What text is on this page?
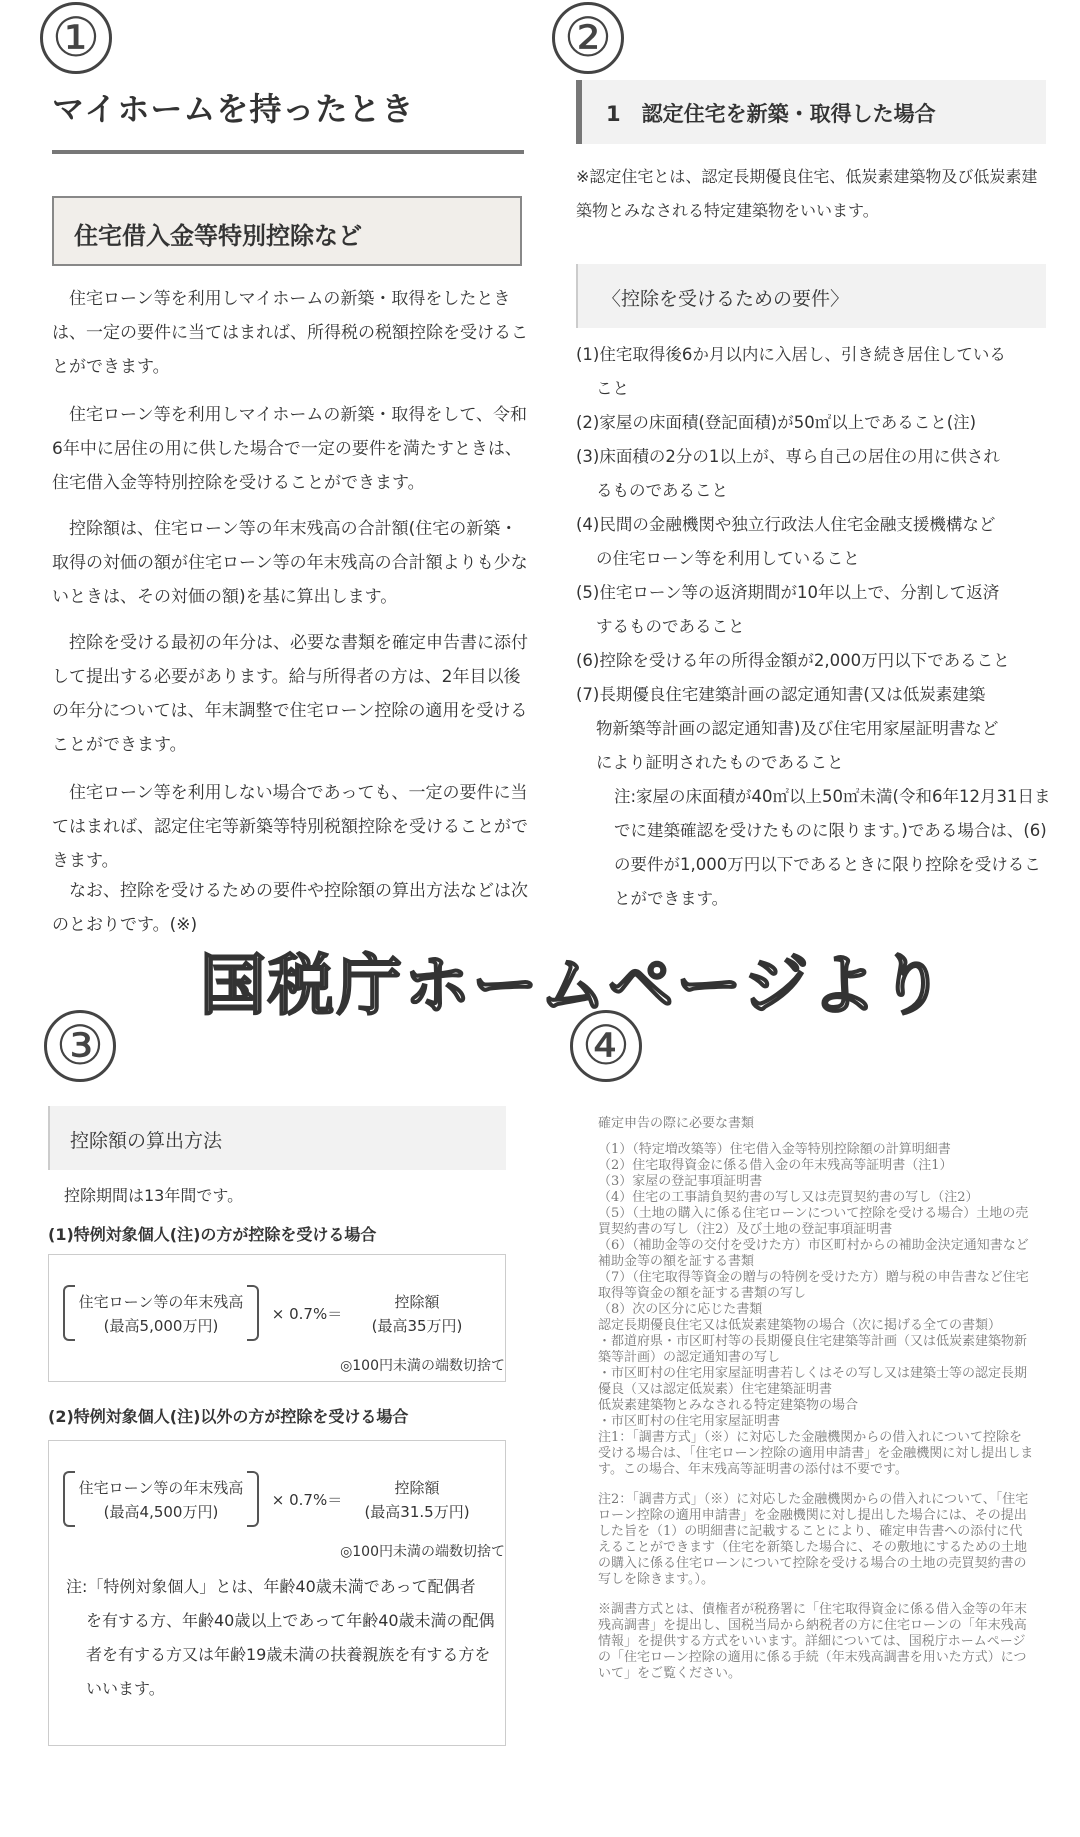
①	②
③	④
マイホームを持ったとき
住宅借入金等特別控除など
　住宅ローン等を利用しマイホームの新築・取得をしたときは、一定の要件に当てはまれば、所得税の税額控除を受けることができます。
　住宅ローン等を利用しマイホームの新築・取得をして、令和6年中に居住の用に供した場合で一定の要件を満たすときは、住宅借入金等特別控除を受けることができます。
　控除額は、住宅ローン等の年末残高の合計額(住宅の新築・取得の対価の額が住宅ローン等の年末残高の合計額よりも少ないときは、その対価の額)を基に算出します。
　控除を受ける最初の年分は、必要な書類を確定申告書に添付して提出する必要があります。給与所得者の方は、2年目以後の年分については、年末調整で住宅ローン控除の適用を受けることができます。
　住宅ローン等を利用しない場合であっても、一定の要件に当てはまれば、認定住宅等新築等特別税額控除を受けることができます。
　なお、控除を受けるための要件や控除額の算出方法などは次のとおりです。(※)
1　認定住宅を新築・取得した場合
※認定住宅とは、認定長期優良住宅、低炭素建築物及び低炭素建築物とみなされる特定建築物をいいます。
〈控除を受けるための要件〉
(1)住宅取得後6か月以内に入居し、引き続き居住している
こと
(2)家屋の床面積(登記面積)が50㎡以上であること(注)
(3)床面積の2分の1以上が、専ら自己の居住の用に供され
るものであること
(4)民間の金融機関や独立行政法人住宅金融支援機構など
の住宅ローン等を利用していること
(5)住宅ローン等の返済期間が10年以上で、分割して返済
するものであること
(6)控除を受ける年の所得金額が2,000万円以下であること
(7)長期優良住宅建築計画の認定通知書(又は低炭素建築
物新築等計画の認定通知書)及び住宅用家屋証明書など
により証明されたものであること
注:家屋の床面積が40㎡以上50㎡未満(令和6年12月31日までに建築確認を受けたものに限ります。)である場合は、(6)の要件が1,000万円以下であるときに限り控除を受けることができます。
国税庁ホームページより
控除額の算出方法
控除期間は13年間です。
(1)特例対象個人(注)の方が控除を受ける場合
住宅ローン等の年末残高
(最高5,000万円)
× 0.7%＝
控除額
(最高35万円)
◎100円未満の端数切捨て
(2)特例対象個人(注)以外の方が控除を受ける場合
住宅ローン等の年末残高
(最高4,500万円)
× 0.7%＝
控除額
(最高31.5万円)
◎100円未満の端数切捨て
注:「特例対象個人」とは、年齢40歳未満であって配偶者
を有する方、年齢40歳以上であって年齢40歳未満の配偶者を有する方又は年齢19歳未満の扶養親族を有する方をいいます。
確定申告の際に必要な書類
（1）（特定増改築等）住宅借入金等特別控除額の計算明細書
（2）住宅取得資金に係る借入金の年末残高等証明書（注1）
（3）家屋の登記事項証明書
（4）住宅の工事請負契約書の写し又は売買契約書の写し（注2）
（5）（土地の購入に係る住宅ローンについて控除を受ける場合）土地の売買契約書の写し（注2）及び土地の登記事項証明書
（6）（補助金等の交付を受けた方）市区町村からの補助金決定通知書など補助金等の額を証する書類
（7）（住宅取得等資金の贈与の特例を受けた方）贈与税の申告書など住宅取得等資金の額を証する書類の写し
（8）次の区分に応じた書類
認定長期優良住宅又は低炭素建築物の場合（次に掲げる全ての書類）
・都道府県・市区町村等の長期優良住宅建築等計画（又は低炭素建築物新築等計画）の認定通知書の写し
・市区町村の住宅用家屋証明書若しくはその写し又は建築士等の認定長期優良（又は認定低炭素）住宅建築証明書
低炭素建築物とみなされる特定建築物の場合
・市区町村の住宅用家屋証明書
注1：「調書方式」（※）に対応した金融機関からの借入れについて控除を受ける場合は、「住宅ローン控除の適用申請書」を金融機関に対し提出します。この場合、年末残高等証明書の添付は不要です。
注2：「調書方式」（※）に対応した金融機関からの借入れについて、「住宅ローン控除の適用申請書」を金融機関に対し提出した場合には、その提出した旨を（1）の明細書に記載することにより、確定申告書への添付に代えることができます（住宅を新築した場合に、その敷地にするための土地の購入に係る住宅ローンについて控除を受ける場合の土地の売買契約書の写しを除きます。）。
※調書方式とは、債権者が税務署に「住宅取得資金に係る借入金等の年末残高調書」を提出し、国税当局から納税者の方に住宅ローンの「年末残高情報」を提供する方式をいいます。詳細については、国税庁ホームページの「住宅ローン控除の適用に係る手続（年末残高調書を用いた方式）について」をご覧ください。
